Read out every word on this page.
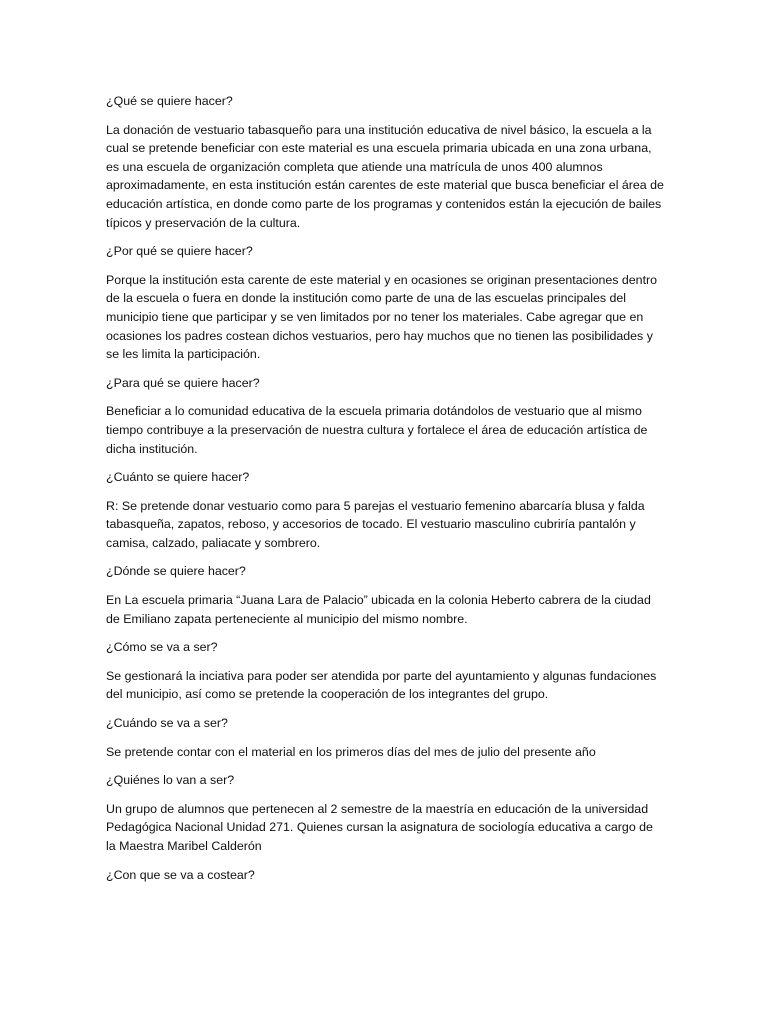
¿Qué se quiere hacer?

La donación de vestuario tabasqueño para una institución educativa de nivel básico, la escuela a la cual se pretende beneficiar con este material es una escuela primaria ubicada en una zona urbana, es una escuela de organización completa que atiende una matrícula de unos 400 alumnos aproximadamente, en esta institución están carentes de este material que busca beneficiar el área de educación artística, en donde como parte de los programas y contenidos están la ejecución de bailes típicos y preservación de la cultura.

¿Por qué se quiere hacer?

Porque la institución esta carente de este material y en ocasiones se originan presentaciones dentro de la escuela o fuera en donde la institución como parte de una de las escuelas principales del municipio tiene que participar y se ven limitados por no tener los materiales. Cabe agregar que en ocasiones los padres costean dichos vestuarios, pero hay muchos que no tienen las posibilidades y se les limita la participación.

¿Para qué se quiere hacer?

Beneficiar a lo comunidad educativa de la escuela primaria dotándolos de vestuario que al mismo tiempo contribuye a la preservación de nuestra cultura y fortalece el área de educación artística de dicha institución.

¿Cuánto se quiere hacer?

R: Se pretende donar vestuario como para 5 parejas el vestuario femenino abarcaría blusa y falda tabasqueña, zapatos, reboso, y accesorios de tocado. El vestuario masculino cubriría pantalón y camisa, calzado, paliacate y sombrero.

¿Dónde se quiere hacer?

En La escuela primaria “Juana Lara de Palacio” ubicada en la colonia Heberto cabrera de la ciudad de Emiliano zapata perteneciente al municipio del mismo nombre.

¿Cómo se va a ser?

Se gestionará la inciativa para poder ser atendida por parte del ayuntamiento y algunas fundaciones del municipio, así como se pretende la cooperación de los integrantes del grupo.

¿Cuándo se va a ser?

Se pretende contar con el material en los primeros días del mes de julio del presente año

¿Quiénes lo van a ser?

Un grupo de alumnos que pertenecen al 2 semestre de la maestría en educación de la universidad Pedagógica Nacional Unidad 271. Quienes cursan la asignatura de sociología educativa a cargo de la Maestra Maribel Calderón

¿Con que se va a costear?
